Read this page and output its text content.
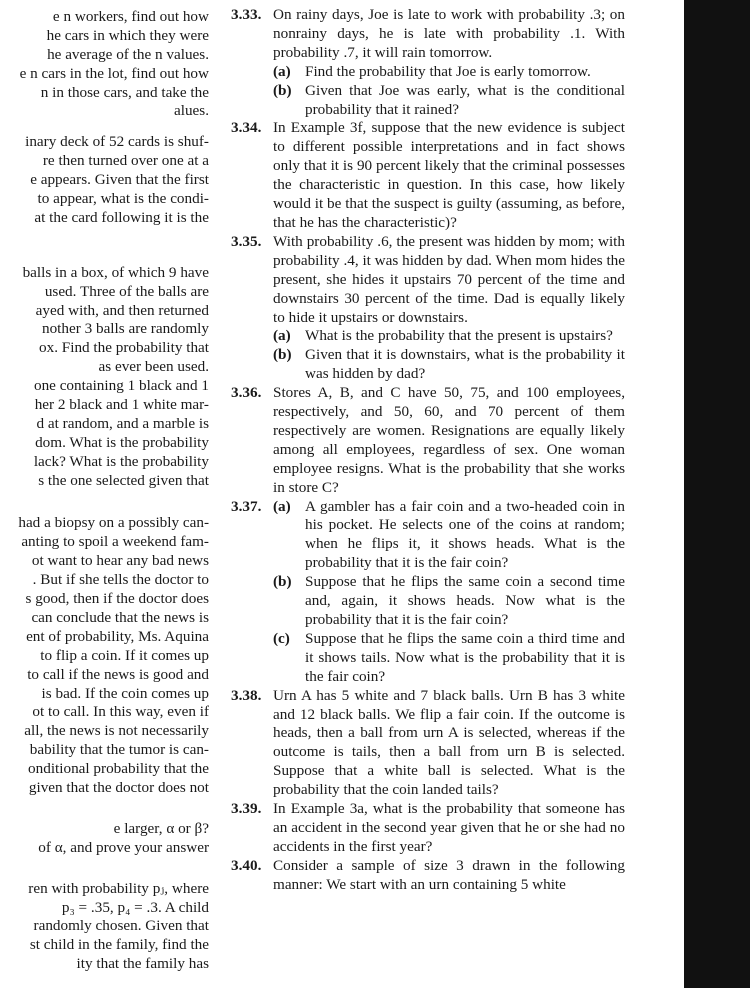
e n workers, find out how
he cars in which they were
he average of the n values.
e n cars in the lot, find out how
n in those cars, and take the
alues.
inary deck of 52 cards is shuf-
re then turned over one at a
e appears. Given that the first
to appear, what is the condi-
at the card following it is the
balls in a box, of which 9 have
used. Three of the balls are
ayed with, and then returned
nother 3 balls are randomly
ox. Find the probability that
as ever been used.
one containing 1 black and 1
her 2 black and 1 white mar-
d at random, and a marble is
dom. What is the probability
lack? What is the probability
s the one selected given that
had a biopsy on a possibly can-
anting to spoil a weekend fam-
ot want to hear any bad news
. But if she tells the doctor to
s good, then if the doctor does
can conclude that the news is
ent of probability, Ms. Aquina
to flip a coin. If it comes up
to call if the news is good and
is bad. If the coin comes up
ot to call. In this way, even if
all, the news is not necessarily
bability that the tumor is can-
onditional probability that the
given that the doctor does not
e larger, α or β?
of α, and prove your answer
ren with probability pⱼ, where
p₃ = .35, p₄ = .3. A child
randomly chosen. Given that
st child in the family, find the
ity that the family has
3.33. On rainy days, Joe is late to work with probability .3; on nonrainy days, he is late with probability .1. With probability .7, it will rain tomorrow.
(a) Find the probability that Joe is early tomorrow.
(b) Given that Joe was early, what is the conditional probability that it rained?
3.34. In Example 3f, suppose that the new evidence is subject to different possible interpretations and in fact shows only that it is 90 percent likely that the criminal possesses the characteristic in question. In this case, how likely would it be that the suspect is guilty (assuming, as before, that he has the characteristic)?
3.35. With probability .6, the present was hidden by mom; with probability .4, it was hidden by dad. When mom hides the present, she hides it upstairs 70 percent of the time and downstairs 30 percent of the time. Dad is equally likely to hide it upstairs or downstairs.
(a) What is the probability that the present is upstairs?
(b) Given that it is downstairs, what is the probability it was hidden by dad?
3.36. Stores A, B, and C have 50, 75, and 100 employees, respectively, and 50, 60, and 70 percent of them respectively are women. Resignations are equally likely among all employees, regardless of sex. One woman employee resigns. What is the probability that she works in store C?
3.37. (a) A gambler has a fair coin and a two-headed coin in his pocket. He selects one of the coins at random; when he flips it, it shows heads. What is the probability that it is the fair coin?
(b) Suppose that he flips the same coin a second time and, again, it shows heads. Now what is the probability that it is the fair coin?
(c) Suppose that he flips the same coin a third time and it shows tails. Now what is the probability that it is the fair coin?
3.38. Urn A has 5 white and 7 black balls. Urn B has 3 white and 12 black balls. We flip a fair coin. If the outcome is heads, then a ball from urn A is selected, whereas if the outcome is tails, then a ball from urn B is selected. Suppose that a white ball is selected. What is the probability that the coin landed tails?
3.39. In Example 3a, what is the probability that someone has an accident in the second year given that he or she had no accidents in the first year?
3.40. Consider a sample of size 3 drawn in the following manner: We start with an urn containing 5 white
